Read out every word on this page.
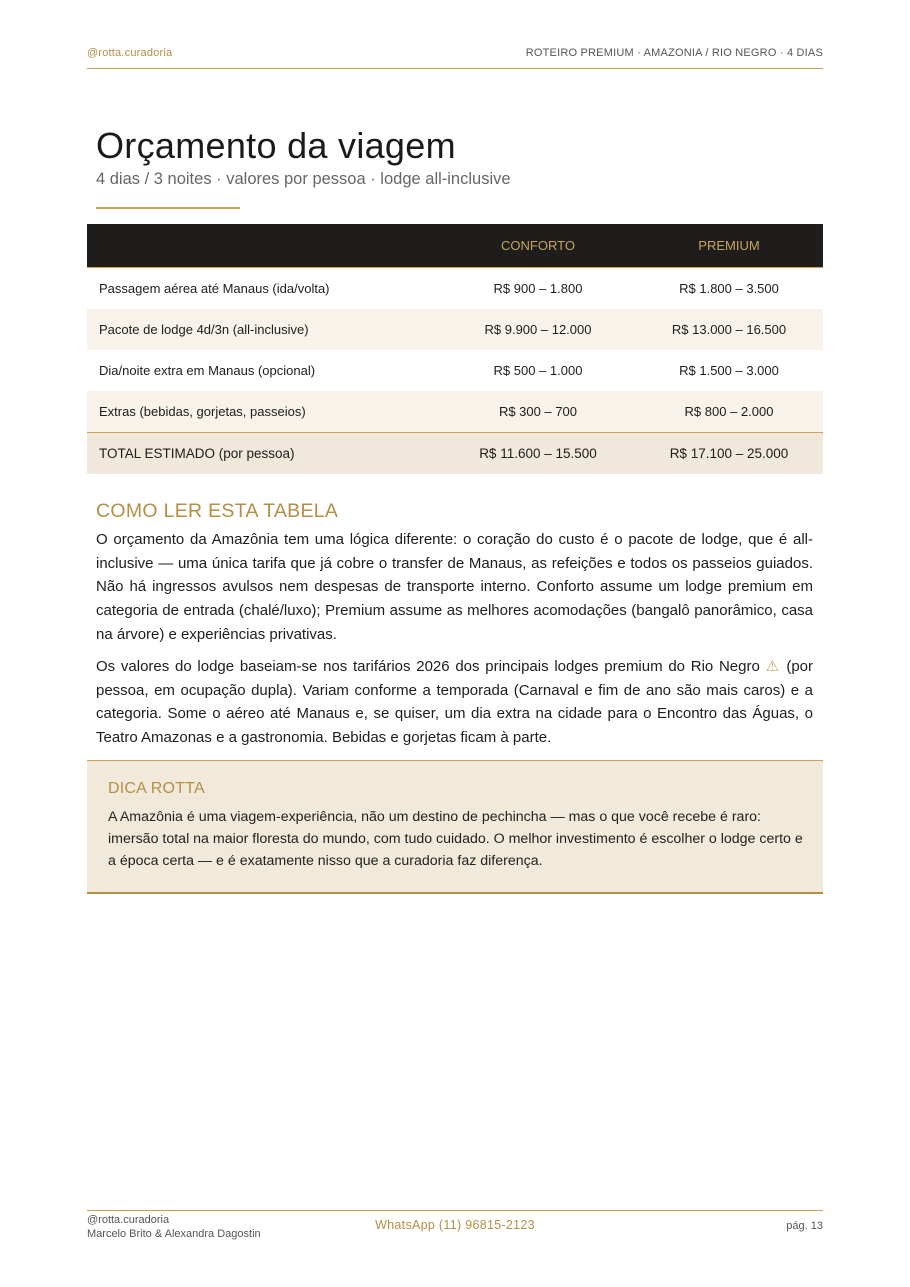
@rotta.curadoria	ROTEIRO PREMIUM · AMAZONIA / RIO NEGRO · 4 DIAS
Orçamento da viagem
4 dias / 3 noites · valores por pessoa · lodge all-inclusive
	CONFORTO	PREMIUM
Passagem aérea até Manaus (ida/volta)	R$ 900 – 1.800	R$ 1.800 – 3.500
Pacote de lodge 4d/3n (all-inclusive)	R$ 9.900 – 12.000	R$ 13.000 – 16.500
Dia/noite extra em Manaus (opcional)	R$ 500 – 1.000	R$ 1.500 – 3.000
Extras (bebidas, gorjetas, passeios)	R$ 300 – 700	R$ 800 – 2.000
TOTAL ESTIMADO (por pessoa)	R$ 11.600 – 15.500	R$ 17.100 – 25.000
COMO LER ESTA TABELA

O orçamento da Amazônia tem uma lógica diferente: o coração do custo é o pacote de lodge, que é all-inclusive — uma única tarifa que já cobre o transfer de Manaus, as refeições e todos os passeios guiados. Não há ingressos avulsos nem despesas de transporte interno. Conforto assume um lodge premium em categoria de entrada (chalé/luxo); Premium assume as melhores acomodações (bangalô panorâmico, casa na árvore) e experiências privativas.

Os valores do lodge baseiam-se nos tarifários 2026 dos principais lodges premium do Rio Negro ⚠ (por pessoa, em ocupação dupla). Variam conforme a temporada (Carnaval e fim de ano são mais caros) e a categoria. Some o aéreo até Manaus e, se quiser, um dia extra na cidade para o Encontro das Águas, o Teatro Amazonas e a gastronomia. Bebidas e gorjetas ficam à parte.

DICA ROTTA

A Amazônia é uma viagem-experiência, não um destino de pechincha — mas o que você recebe é raro: imersão total na maior floresta do mundo, com tudo cuidado. O melhor investimento é escolher o lodge certo e a época certa — e é exatamente nisso que a curadoria faz diferença.

@rotta.curadoria
Marcelo Brito & Alexandra Dagostin
WhatsApp (11) 96815-2123	pág. 13
